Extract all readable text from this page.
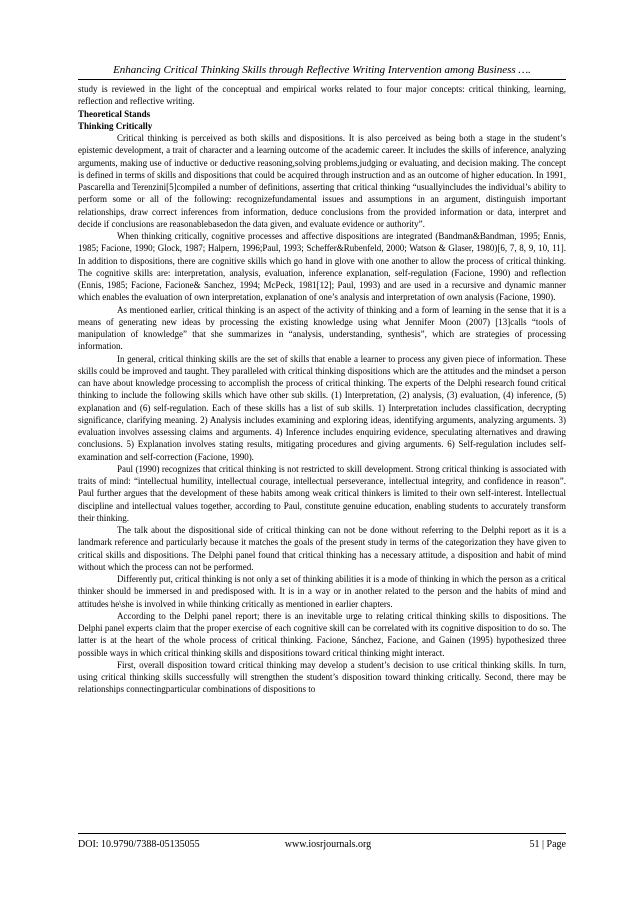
Enhancing Critical Thinking Skills through Reflective Writing Intervention among Business ….

study is reviewed in the light of the conceptual and empirical works related to four major concepts: critical thinking, learning, reflection and reflective writing.

Theoretical Stands

Thinking Critically

Critical thinking is perceived as both skills and dispositions. It is also perceived as being both a stage in the student’s epistemic development, a trait of character and a learning outcome of the academic career. It includes the skills of inference, analyzing arguments, making use of inductive or deductive reasoning,solving problems,judging or evaluating, and decision making. The concept is defined in terms of skills and dispositions that could be acquired through instruction and as an outcome of higher education. In 1991, Pascarella and Terenzini[5]compiled a number of definitions, asserting that critical thinking “usuallyincludes the individual’s ability to perform some or all of the following: recognizefundamental issues and assumptions in an argument, distinguish important relationships, draw correct inferences from information, deduce conclusions from the provided information or data, interpret and decide if conclusions are reasonablebasedon the data given, and evaluate evidence or authority”.

When thinking critically, cognitive processes and affective dispositions are integrated (Bandman&Bandman, 1995; Ennis, 1985; Facione, 1990; Glock, 1987; Halpern, 1996;Paul, 1993; Scheffer&Rubenfeld, 2000; Watson & Glaser, 1980)[6, 7, 8, 9, 10, 11]. In addition to dispositions, there are cognitive skills which go hand in glove with one another to allow the process of critical thinking. The cognitive skills are: interpretation, analysis, evaluation, inference explanation, self-regulation (Facione, 1990) and reflection (Ennis, 1985; Facione, Facione& Sanchez, 1994; McPeck, 1981[12]; Paul, 1993) and are used in a recursive and dynamic manner which enables the evaluation of own interpretation, explanation of one’s analysis and interpretation of own analysis (Facione, 1990).

As mentioned earlier, critical thinking is an aspect of the activity of thinking and a form of learning in the sense that it is a means of generating new ideas by processing the existing knowledge using what Jennifer Moon (2007) [13]calls “tools of manipulation of knowledge” that she summarizes in “analysis, understanding, synthesis”, which are strategies of processing information.

In general, critical thinking skills are the set of skills that enable a learner to process any given piece of information. These skills could be improved and taught. They paralleled with critical thinking dispositions which are the attitudes and the mindset a person can have about knowledge processing to accomplish the process of critical thinking. The experts of the Delphi research found critical thinking to include the following skills which have other sub skills. (1) Interpretation, (2) analysis, (3) evaluation, (4) inference, (5) explanation and (6) self-regulation. Each of these skills has a list of sub skills. 1) Interpretation includes classification, decrypting significance, clarifying meaning. 2) Analysis includes examining and exploring ideas, identifying arguments, analyzing arguments. 3) evaluation involves assessing claims and arguments. 4) Inference includes enquiring evidence, speculating alternatives and drawing conclusions. 5) Explanation involves stating results, mitigating procedures and giving arguments. 6) Self-regulation includes self-examination and self-correction (Facione, 1990).

Paul (1990) recognizes that critical thinking is not restricted to skill development. Strong critical thinking is associated with traits of mind: “intellectual humility, intellectual courage, intellectual perseverance, intellectual integrity, and confidence in reason”. Paul further argues that the development of these habits among weak critical thinkers is limited to their own self-interest. Intellectual discipline and intellectual values together, according to Paul, constitute genuine education, enabling students to accurately transform their thinking.

The talk about the dispositional side of critical thinking can not be done without referring to the Delphi report as it is a landmark reference and particularly because it matches the goals of the present study in terms of the categorization they have given to critical skills and dispositions. The Delphi panel found that critical thinking has a necessary attitude, a disposition and habit of mind without which the process can not be performed.

Differently put, critical thinking is not only a set of thinking abilities it is a mode of thinking in which the person as a critical thinker should be immersed in and predisposed with. It is in a way or in another related to the person and the habits of mind and attitudes he\she is involved in while thinking critically as mentioned in earlier chapters.

According to the Delphi panel report; there is an inevitable urge to relating critical thinking skills to dispositions. The Delphi panel experts claim that the proper exercise of each cognitive skill can be correlated with its cognitive disposition to do so. The latter is at the heart of the whole process of critical thinking. Facione, Sánchez, Facione, and Gainen (1995) hypothesized three possible ways in which critical thinking skills and dispositions toward critical thinking might interact.

First, overall disposition toward critical thinking may develop a student’s decision to use critical thinking skills. In turn, using critical thinking skills successfully will strengthen the student’s disposition toward thinking critically. Second, there may be relationships connectingparticular combinations of dispositions to

DOI: 10.9790/7388-05135055	www.iosrjournals.org	51 | Page
